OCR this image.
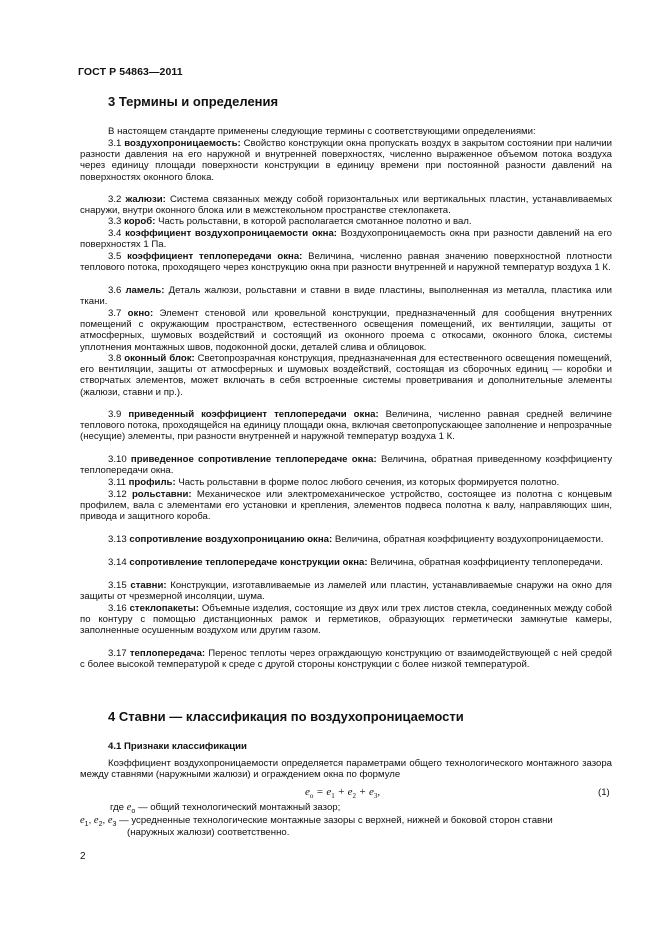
ГОСТ Р 54863—2011
3 Термины и определения
В настоящем стандарте применены следующие термины с соответствующими определениями:
3.1 воздухопроницаемость: Свойство конструкции окна пропускать воздух в закрытом состоянии при наличии разности давления на его наружной и внутренней поверхностях, численно выраженное объемом потока воздуха через единицу площади поверхности конструкции в единицу времени при постоянной разности давлений на поверхностях оконного блока.
3.2 жалюзи: Система связанных между собой горизонтальных или вертикальных пластин, устанавливаемых снаружи, внутри оконного блока или в межстекольном пространстве стеклопакета.
3.3 короб: Часть рольставни, в которой располагается смотанное полотно и вал.
3.4 коэффициент воздухопроницаемости окна: Воздухопроницаемость окна при разности давлений на его поверхностях 1 Па.
3.5 коэффициент теплопередачи окна: Величина, численно равная значению поверхностной плотности теплового потока, проходящего через конструкцию окна при разности внутренней и наружной температур воздуха 1 К.
3.6 ламель: Деталь жалюзи, рольставни и ставни в виде пластины, выполненная из металла, пластика или ткани.
3.7 окно: Элемент стеновой или кровельной конструкции, предназначенный для сообщения внутренних помещений с окружающим пространством, естественного освещения помещений, их вентиляции, защиты от атмосферных, шумовых воздействий и состоящий из оконного проема с откосами, оконного блока, системы уплотнения монтажных швов, подоконной доски, деталей слива и облицовок.
3.8 оконный блок: Светопрозрачная конструкция, предназначенная для естественного освещения помещений, его вентиляции, защиты от атмосферных и шумовых воздействий, состоящая из сборочных единиц — коробки и створчатых элементов, может включать в себя встроенные системы проветривания и дополнительные элементы (жалюзи, ставни и пр.).
3.9 приведенный коэффициент теплопередачи окна: Величина, численно равная средней величине теплового потока, проходящейся на единицу площади окна, включая светопропускающее заполнение и непрозрачные (несущие) элементы, при разности внутренней и наружной температур воздуха 1 К.
3.10 приведенное сопротивление теплопередаче окна: Величина, обратная приведенному коэффициенту теплопередачи окна.
3.11 профиль: Часть рольставни в форме полос любого сечения, из которых формируется полотно.
3.12 рольставни: Механическое или электромеханическое устройство, состоящее из полотна с концевым профилем, вала с элементами его установки и крепления, элементов подвеса полотна к валу, направляющих шин, привода и защитного короба.
3.13 сопротивление воздухопроницанию окна: Величина, обратная коэффициенту воздухопроницаемости.
3.14 сопротивление теплопередаче конструкции окна: Величина, обратная коэффициенту теплопередачи.
3.15 ставни: Конструкции, изготавливаемые из ламелей или пластин, устанавливаемые снаружи на окно для защиты от чрезмерной инсоляции, шума.
3.16 стеклопакеты: Объемные изделия, состоящие из двух или трех листов стекла, соединенных между собой по контуру с помощью дистанционных рамок и герметиков, образующих герметически замкнутые камеры, заполненные осушенным воздухом или другим газом.
3.17 теплопередача: Перенос теплоты через ограждающую конструкцию от взаимодействующей с ней средой с более высокой температурой к среде с другой стороны конструкции с более низкой температурой.
4 Ставни — классификация по воздухопроницаемости
4.1 Признаки классификации
Коэффициент воздухопроницаемости определяется параметрами общего технологического монтажного зазора между ставнями (наружными жалюзи) и ограждением окна по формуле
$e_о = e_1 + e_2 + e_3$,	(1)
где $e_о$ — общий технологический монтажный зазор;
$e_1$, $e_2$, $e_3$ — усредненные технологические монтажные зазоры с верхней, нижней и боковой сторон ставни
(наружных жалюзи) соответственно.
2
